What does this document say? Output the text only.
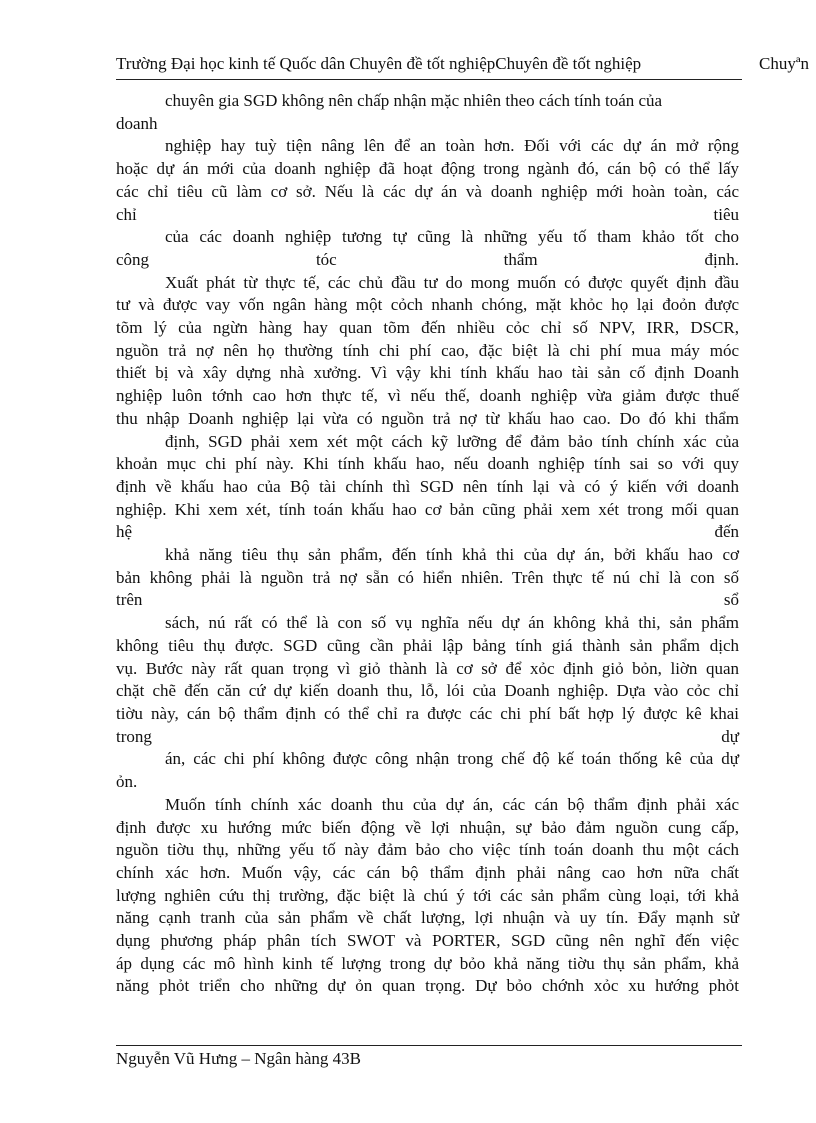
Trường Đại học kinh tế Quốc dân Chuyên đề tốt nghiệpChuyên đề tốt nghiệp	Chuyªn
chuyên gia SGD không nên chấp nhận mặc nhiên theo cách tính toán của
doanh
nghiệp hay tuỳ tiện nâng lên để an toàn hơn. Đối với các dự án mở rộng
hoặc dự án mới của doanh nghiệp đã hoạt động trong ngành đó, cán bộ có thể lấy
các chỉ tiêu cũ làm cơ sở. Nếu là các dự án và doanh nghiệp mới hoàn toàn, các
chỉ tiêu
của các doanh nghiệp tương tự cũng là những yếu tố tham khảo tốt cho
công tóc thẩm định.
Xuất phát từ thực tế, các chủ đầu tư do mong muốn có được quyết định đầu
tư và được vay vốn ngân hàng một cỏch nhanh chóng, mặt khỏc họ lại đoỏn được
tõm lý của ngừn hàng hay quan tõm đến nhiều cỏc chỉ số NPV, IRR, DSCR,
nguồn trả nợ nên họ thường tính chi phí cao, đặc biệt là chi phí mua máy móc
thiết bị và xây dựng nhà xưởng. Vì vậy khi tính khấu hao tài sản cố định Doanh
nghiệp luôn tớnh cao hơn thực tế, vì nếu thế, doanh nghiệp vừa giảm được thuế
thu nhập Doanh nghiệp lại vừa có nguồn trả nợ từ khấu hao cao. Do đó khi thẩm
định, SGD phải xem xét một cách kỹ lưỡng để đảm bảo tính chính xác của
khoản mục chi phí này. Khi tính khấu hao, nếu doanh nghiệp tính sai so với quy
định về khấu hao của Bộ tài chính thì SGD nên tính lại và có ý kiến với doanh
nghiệp. Khi xem xét, tính toán khấu hao cơ bản cũng phải xem xét trong mối quan
hệ đến
khả năng tiêu thụ sản phẩm, đến tính khả thi của dự án, bởi khấu hao cơ
bản không phải là nguồn trả nợ sẵn có hiển nhiên. Trên thực tế nú chỉ là con số
trên sổ
sách, nú rất có thể là con số vụ nghĩa nếu dự án không khả thi, sản phẩm
không tiêu thụ được. SGD cũng cần phải lập bảng tính giá thành sản phẩm dịch
vụ. Bước này rất quan trọng vì giỏ thành là cơ sở để xỏc định giỏ bỏn, liờn quan
chặt chẽ đến căn cứ dự kiến doanh thu, lỗ, lói của Doanh nghiệp. Dựa vào cỏc chỉ
tiờu này, cán bộ thẩm định có thể chỉ ra được các chi phí bất hợp lý được kê khai
trong dự
án, các chi phí không được công nhận trong chế độ kế toán thống kê của dự
ỏn.
Muốn tính chính xác doanh thu của dự án, các cán bộ thẩm định phải xác
định được xu hướng mức biến động về lợi nhuận, sự bảo đảm nguồn cung cấp,
nguồn tiờu thụ, những yếu tố này đảm bảo cho việc tính toán doanh thu một cách
chính xác hơn. Muốn vậy, các cán bộ thẩm định phải nâng cao hơn nữa chất
lượng nghiên cứu thị trường, đặc biệt là chú ý tới các sản phẩm cùng loại, tới khả
năng cạnh tranh của sản phẩm về chất lượng, lợi nhuận và uy tín. Đẩy mạnh sử
dụng phương pháp phân tích SWOT và PORTER, SGD cũng nên nghĩ đến việc
áp dụng các mô hình kinh tế lượng trong dự bỏo khả năng tiờu thụ sản phẩm, khả
năng phỏt triển cho những dự ỏn quan trọng. Dự bỏo chớnh xỏc xu hướng phỏt
Nguyễn Vũ Hưng – Ngân hàng 43B
